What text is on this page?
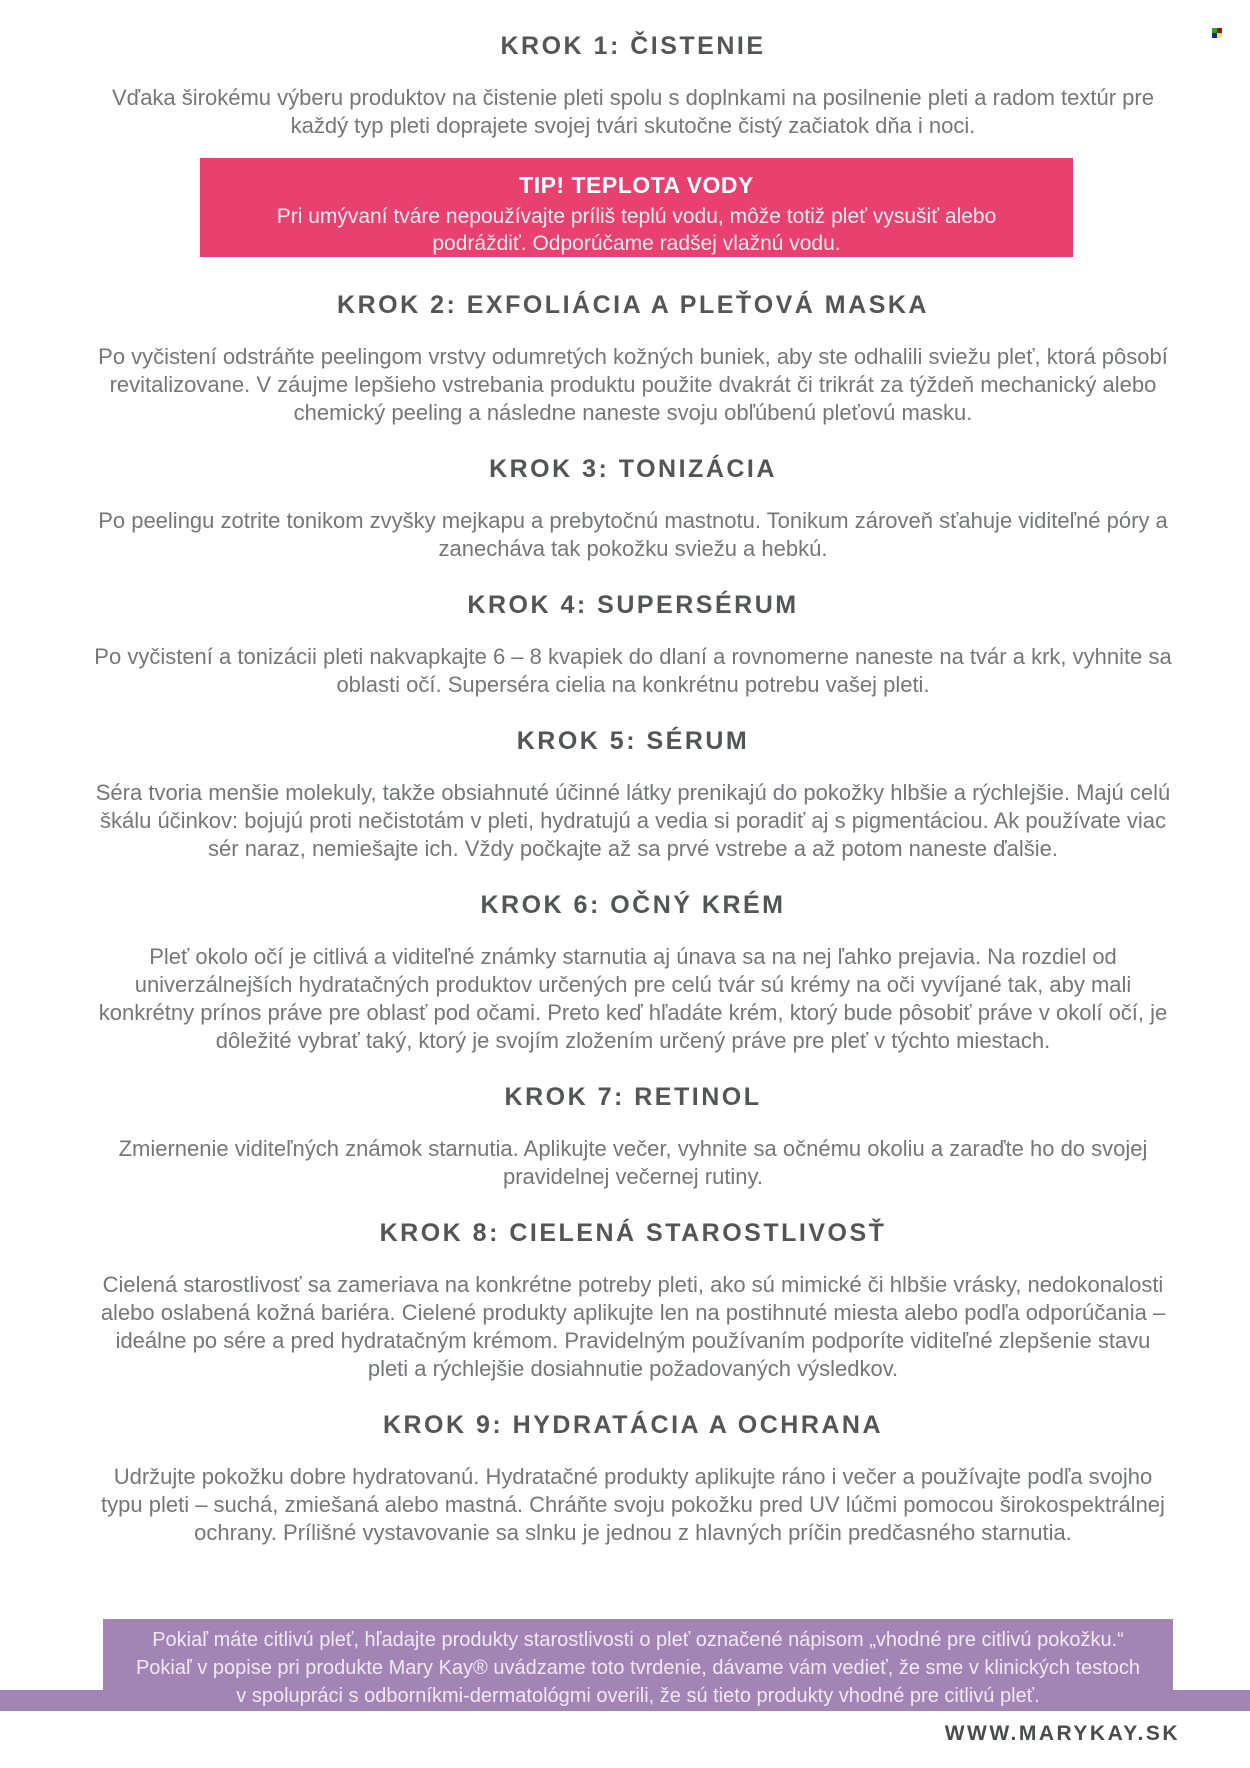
KROK 1: ČISTENIE
Vďaka širokému výberu produktov na čistenie pleti spolu s doplnkami na posilnenie pleti a radom textúr pre každý typ pleti doprajete svojej tvári skutočne čistý začiatok dňa i noci.
TIP! TEPLOTA VODY
Pri umývaní tváre nepoužívajte príliš teplú vodu, môže totiž pleť vysušiť alebo podráždiť. Odporúčame radšej vlažnú vodu.
KROK 2: EXFOLIÁCIA A PLEŤOVÁ MASKA
Po vyčistení odstráňte peelingom vrstvy odumretých kožných buniek, aby ste odhalili sviežu pleť, ktorá pôsobí revitalizovane. V záujme lepšieho vstrebania produktu použite dvakrát či trikrát za týždeň mechanický alebo chemický peeling a následne naneste svoju obľúbenú pleťovú masku.
KROK 3: TONIZÁCIA
Po peelingu zotrite tonikom zvyšky mejkapu a prebytočnú mastnotu. Tonikum zároveň sťahuje viditeľné póry a zanecháva tak pokožku sviežu a hebkú.
KROK 4: SUPERSÉRUM
Po vyčistení a tonizácii pleti nakvapkajte 6 – 8 kvapiek do dlaní a rovnomerne naneste na tvár a krk, vyhnite sa oblasti očí. Superséra cielia na konkrétnu potrebu vašej pleti.
KROK 5: SÉRUM
Séra tvoria menšie molekuly, takže obsiahnuté účinné látky prenikajú do pokožky hlbšie a rýchlejšie. Majú celú škálu účinkov: bojujú proti nečistotám v pleti, hydratujú a vedia si poradiť aj s pigmentáciou. Ak používate viac sér naraz, nemiešajte ich. Vždy počkajte až sa prvé vstrebe a až potom naneste ďalšie.
KROK 6: OČNÝ KRÉM
Pleť okolo očí je citlivá a viditeľné známky starnutia aj únava sa na nej ľahko prejavia. Na rozdiel od univerzálnejších hydratačných produktov určených pre celú tvár sú krémy na oči vyvíjané tak, aby mali konkrétny prínos práve pre oblasť pod očami. Preto keď hľadáte krém, ktorý bude pôsobiť práve v okolí očí, je dôležité vybrať taký, ktorý je svojím zložením určený práve pre pleť v týchto miestach.
KROK 7: RETINOL
Zmiernenie viditeľných známok starnutia. Aplikujte večer, vyhnite sa očnému okoliu a zaraďte ho do svojej pravidelnej večernej rutiny.
KROK 8: CIELENÁ STAROSTLIVOSŤ
Cielená starostlivosť sa zameriava na konkrétne potreby pleti, ako sú mimické či hlbšie vrásky, nedokonalosti alebo oslabená kožná bariéra. Cielené produkty aplikujte len na postihnuté miesta alebo podľa odporúčania – ideálne po sére a pred hydratačným krémom. Pravidelným používaním podporíte viditeľné zlepšenie stavu pleti a rýchlejšie dosiahnutie požadovaných výsledkov.
KROK 9: HYDRATÁCIA A OCHRANA
Udržujte pokožku dobre hydratovanú. Hydratačné produkty aplikujte ráno i večer a používajte podľa svojho typu pleti – suchá, zmiešaná alebo mastná. Chráňte svoju pokožku pred UV lúčmi pomocou širokospektrálnej ochrany. Prílišné vystavovanie sa slnku je jednou z hlavných príčin predčasného starnutia.
Pokiaľ máte citlivú pleť, hľadajte produkty starostlivosti o pleť označené nápisom „vhodné pre citlivú pokožku.“ Pokiaľ v popise pri produkte Mary Kay® uvádzame toto tvrdenie, dávame vám vedieť, že sme v klinických testoch v spolupráci s odborníkmi-dermatológmi overili, že sú tieto produkty vhodné pre citlivú pleť.
WWW.MARYKAY.SK
